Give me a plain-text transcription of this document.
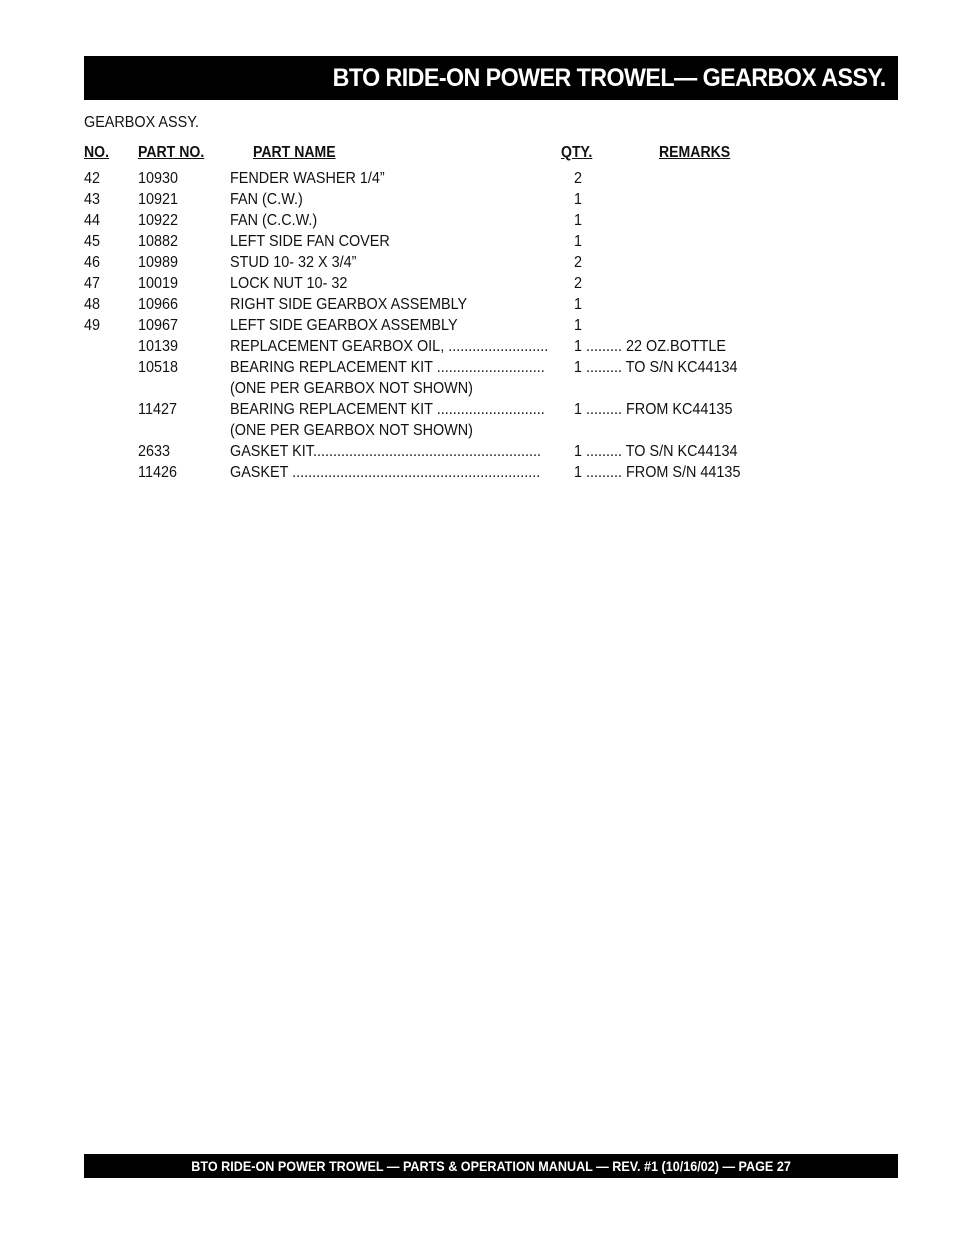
BTO RIDE-ON POWER TROWEL— GEARBOX ASSY.
GEARBOX ASSY.
NO. PART NO.	PART NAME	QTY.	REMARKS
42 10930	FENDER WASHER 1/4”	2
43 10921	FAN (C.W.)	1
44 10922	FAN (C.C.W.)	1
45 10882	LEFT SIDE FAN COVER	1
46 10989	STUD 10- 32 X 3/4”	2
47 10019	LOCK NUT 10- 32	2
48 10966	RIGHT SIDE GEARBOX ASSEMBLY	1
49 10967	LEFT SIDE GEARBOX ASSEMBLY	1
10139	REPLACEMENT GEARBOX OIL, ......................... 1 ......... 22 OZ.BOTTLE
10518	BEARING REPLACEMENT KIT ........................... 1 ......... TO S/N KC44134
(ONE PER GEARBOX NOT SHOWN)
11427	BEARING REPLACEMENT KIT ........................... 1 ......... FROM KC44135
(ONE PER GEARBOX NOT SHOWN)
2633	GASKET KIT......................................................... 1 ......... TO S/N KC44134
11426	GASKET .............................................................. 1 ......... FROM S/N 44135
BTO RIDE-ON POWER TROWEL — PARTS & OPERATION MANUAL — REV. #1 (10/16/02) — PAGE 27
